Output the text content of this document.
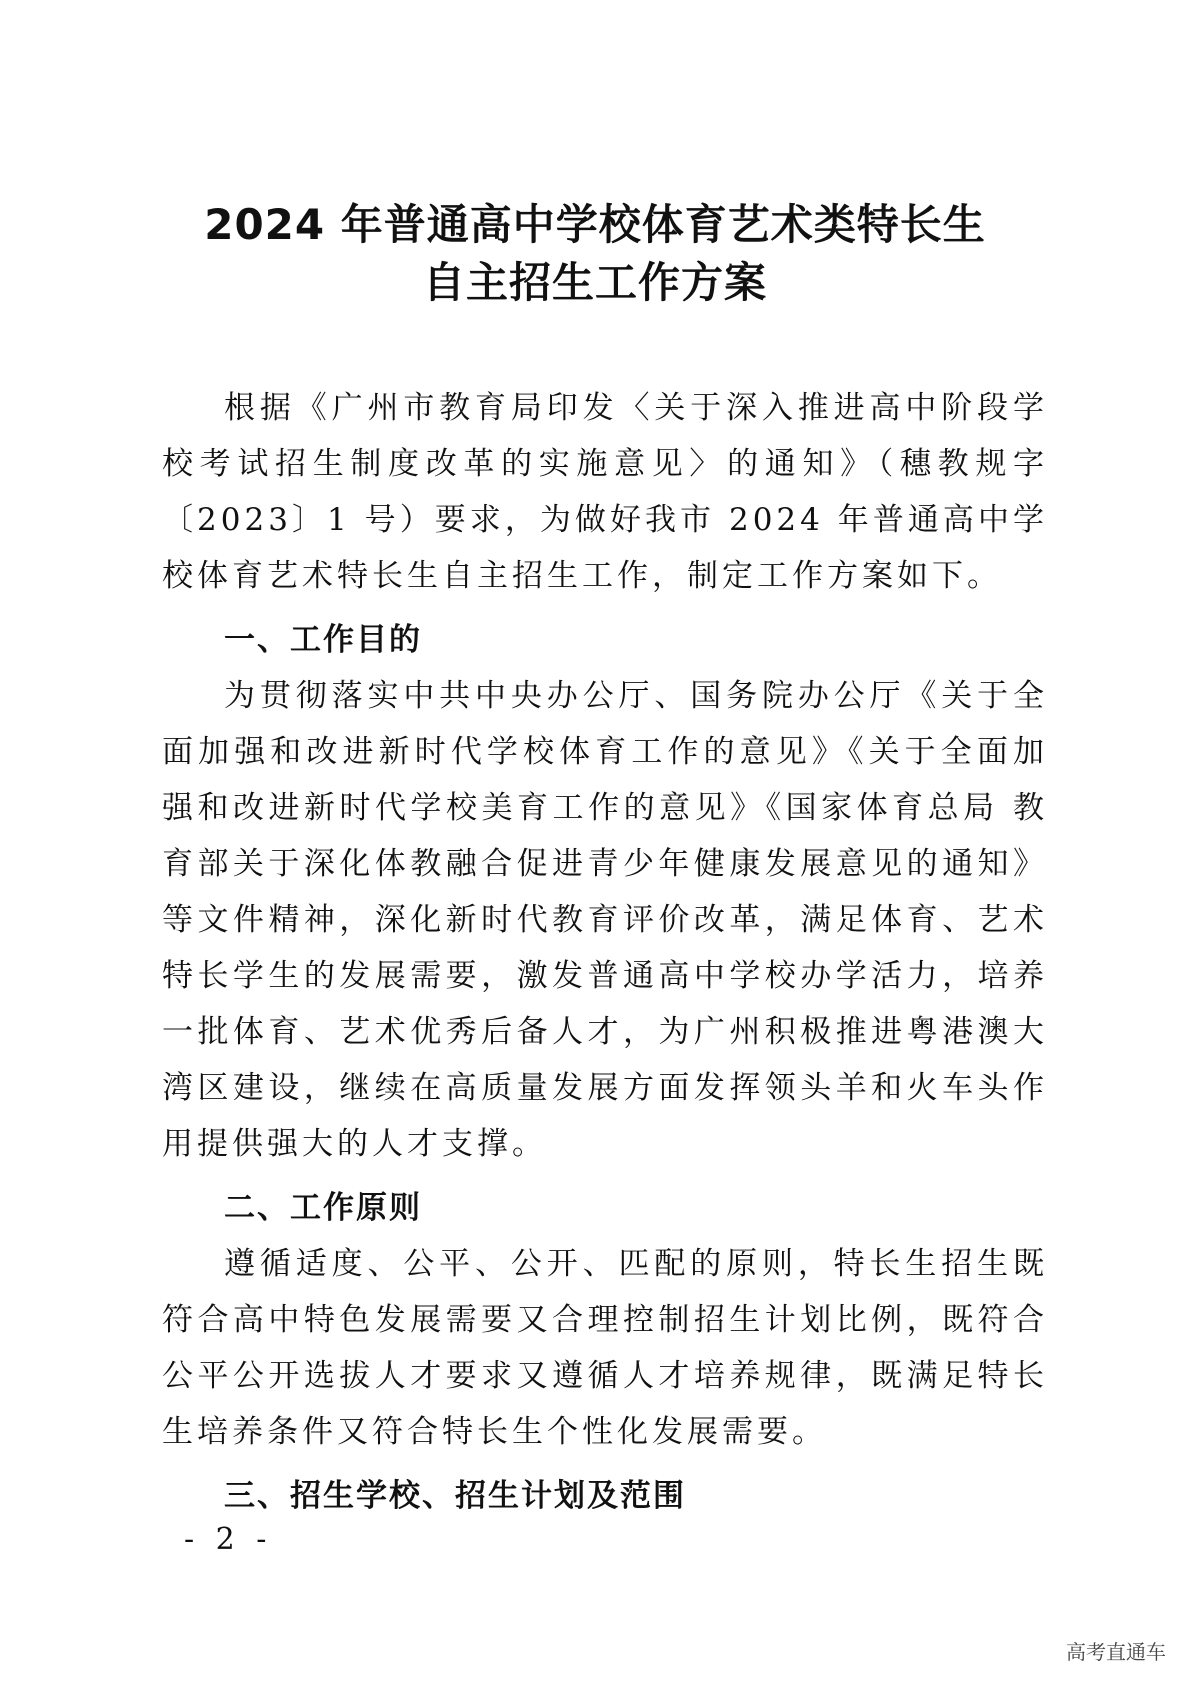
2024 年普通高中学校体育艺术类特长生
自主招生工作方案

根据《广州市教育局印发〈关于深入推进高中阶段学校考试招生制度改革的实施意见〉的通知》（穗教规字〔2023〕1 号）要求，为做好我市 2024 年普通高中学校体育艺术特长生自主招生工作，制定工作方案如下。

一、工作目的

为贯彻落实中共中央办公厅、国务院办公厅《关于全面加强和改进新时代学校体育工作的意见》《关于全面加强和改进新时代学校美育工作的意见》《国家体育总局 教育部关于深化体教融合促进青少年健康发展意见的通知》等文件精神，深化新时代教育评价改革，满足体育、艺术特长学生的发展需要，激发普通高中学校办学活力，培养一批体育、艺术优秀后备人才，为广州积极推进粤港澳大湾区建设，继续在高质量发展方面发挥领头羊和火车头作用提供强大的人才支撑。

二、工作原则

遵循适度、公平、公开、匹配的原则，特长生招生既符合高中特色发展需要又合理控制招生计划比例，既符合公平公开选拔人才要求又遵循人才培养规律，既满足特长生培养条件又符合特长生个性化发展需要。

三、招生学校、招生计划及范围
- 2 -
高考直通车
